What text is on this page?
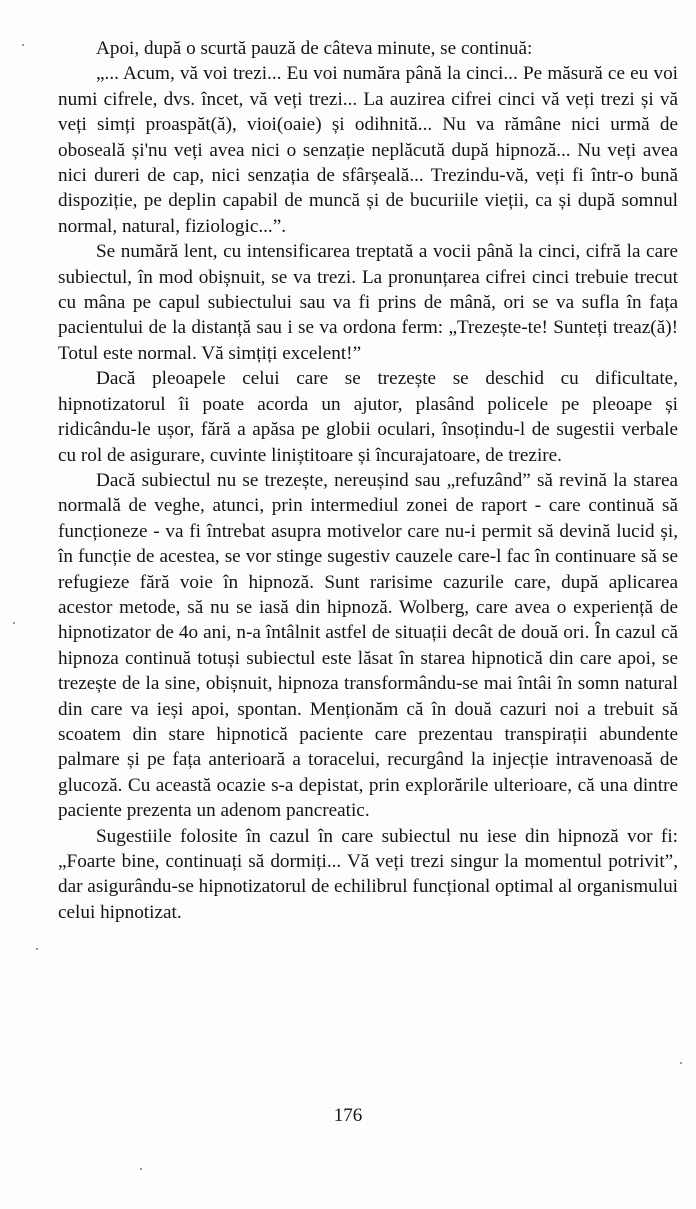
Apoi, după o scurtă pauză de câteva minute, se continuă:

„... Acum, vă voi trezi... Eu voi număra până la cinci... Pe măsură ce eu voi numi cifrele, dvs. încet, vă veți trezi... La auzirea cifrei cinci vă veți trezi și vă veți simți proaspăt(ă), vioi(oaie) și odihnită... Nu va rămâne nici urmă de oboseală și'nu veți avea nici o senzație neplăcută după hipnoză... Nu veți avea nici dureri de cap, nici senzația de sfârșeală... Trezindu-vă, veți fi într-o bună dispoziție, pe deplin capabil de muncă și de bucuriile vieții, ca și după somnul normal, natural, fiziologic...”.

Se numără lent, cu intensificarea treptată a vocii până la cinci, cifră la care subiectul, în mod obișnuit, se va trezi. La pronunțarea cifrei cinci trebuie trecut cu mâna pe capul subiectului sau va fi prins de mână, ori se va sufla în fața pacientului de la distanță sau i se va ordona ferm: „Trezește-te! Sunteți treaz(ă)! Totul este normal. Vă simțiți excelent!”

Dacă pleoapele celui care se trezește se deschid cu dificultate, hipnotizatorul îi poate acorda un ajutor, plasând policele pe pleoape și ridicându-le ușor, fără a apăsa pe globii oculari, însoțindu-l de sugestii verbale cu rol de asigurare, cuvinte liniștitoare și încurajatoare, de trezire.

Dacă subiectul nu se trezește, nereușind sau „refuzând” să revină la starea normală de veghe, atunci, prin intermediul zonei de raport - care continuă să funcționeze - va fi întrebat asupra motivelor care nu-i permit să devină lucid și, în funcție de acestea, se vor stinge sugestiv cauzele care-l fac în continuare să se refugieze fără voie în hipnoză. Sunt rarisime cazurile care, după aplicarea acestor metode, să nu se iasă din hipnoză. Wolberg, care avea o experiență de hipnotizator de 4o ani, n-a întâlnit astfel de situații decât de două ori. În cazul că hipnoza continuă totuși subiectul este lăsat în starea hipnotică din care apoi, se trezește de la sine, obișnuit, hipnoza transformându-se mai întâi în somn natural din care va ieși apoi, spontan. Menționăm că în două cazuri noi a trebuit să scoatem din stare hipnotică paciente care prezentau transpirații abundente palmare și pe fața anterioară a toracelui, recurgând la injecție intravenoasă de glucoză. Cu această ocazie s-a depistat, prin explorările ulterioare, că una dintre paciente prezenta un adenom pancreatic.

Sugestiile folosite în cazul în care subiectul nu iese din hipnoză vor fi: „Foarte bine, continuați să dormiți... Vă veți trezi singur la momentul potrivit”, dar asigurându-se hipnotizatorul de echilibrul funcțional optimal al organismului celui hipnotizat.

176
